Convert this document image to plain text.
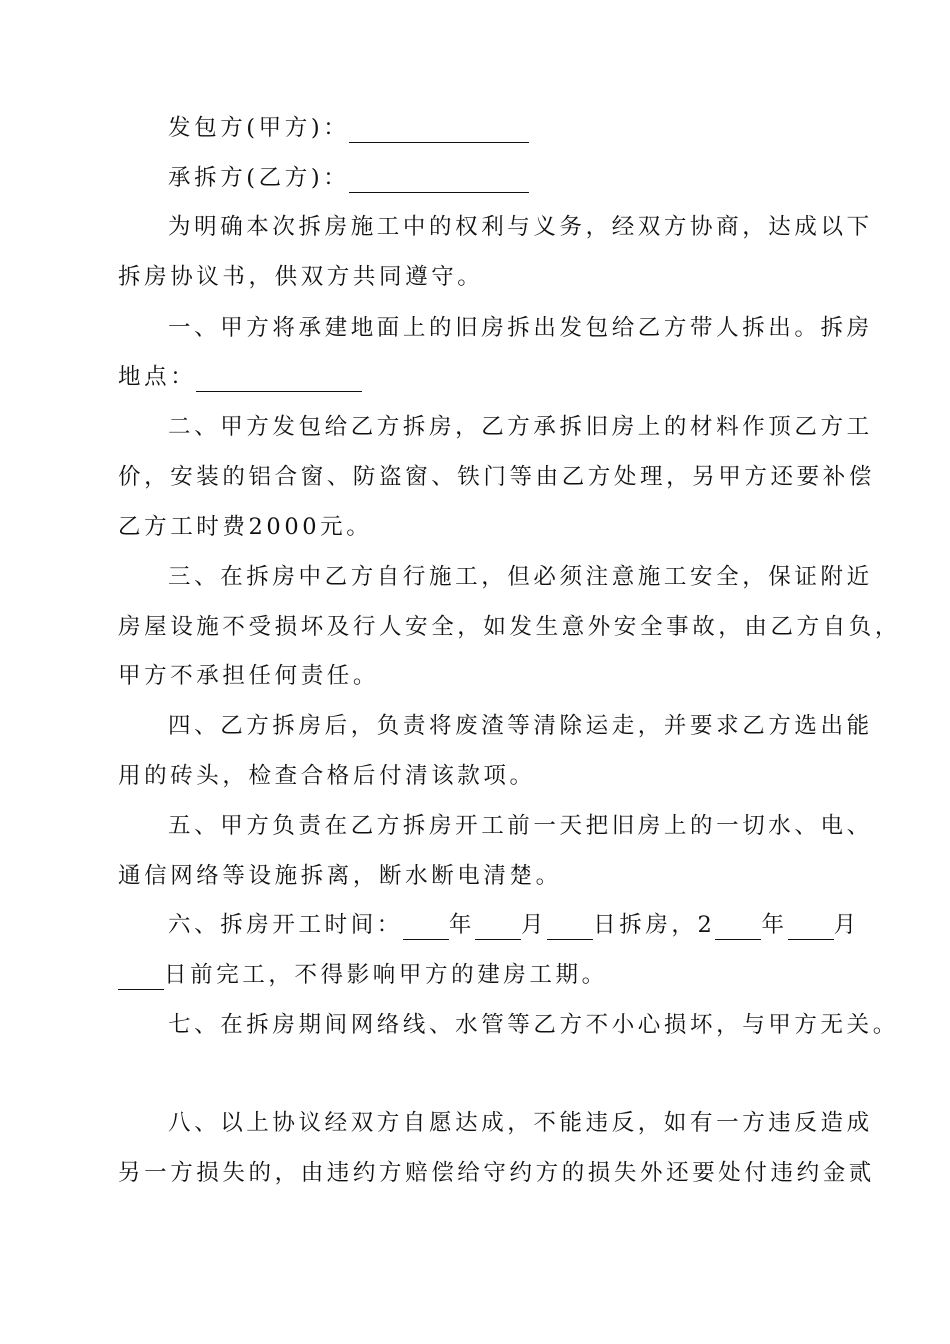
发包方(甲方)：
承拆方(乙方)：
为明确本次拆房施工中的权利与义务，经双方协商，达成以下
拆房协议书，供双方共同遵守。
一、甲方将承建地面上的旧房拆出发包给乙方带人拆出。拆房
地点：
二、甲方发包给乙方拆房，乙方承拆旧房上的材料作顶乙方工
价，安装的铝合窗、防盗窗、铁门等由乙方处理，另甲方还要补偿
乙方工时费2000元。
三、在拆房中乙方自行施工，但必须注意施工安全，保证附近
房屋设施不受损坏及行人安全，如发生意外安全事故，由乙方自负，
甲方不承担任何责任。
四、乙方拆房后，负责将废渣等清除运走，并要求乙方选出能
用的砖头，检查合格后付清该款项。
五、甲方负责在乙方拆房开工前一天把旧房上的一切水、电、
通信网络等设施拆离，断水断电清楚。
六、拆房开工时间： 年 月 日拆房，2 年 月
日前完工，不得影响甲方的建房工期。
七、在拆房期间网络线、水管等乙方不小心损坏，与甲方无关。
八、以上协议经双方自愿达成，不能违反，如有一方违反造成
另一方损失的，由违约方赔偿给守约方的损失外还要处付违约金贰
